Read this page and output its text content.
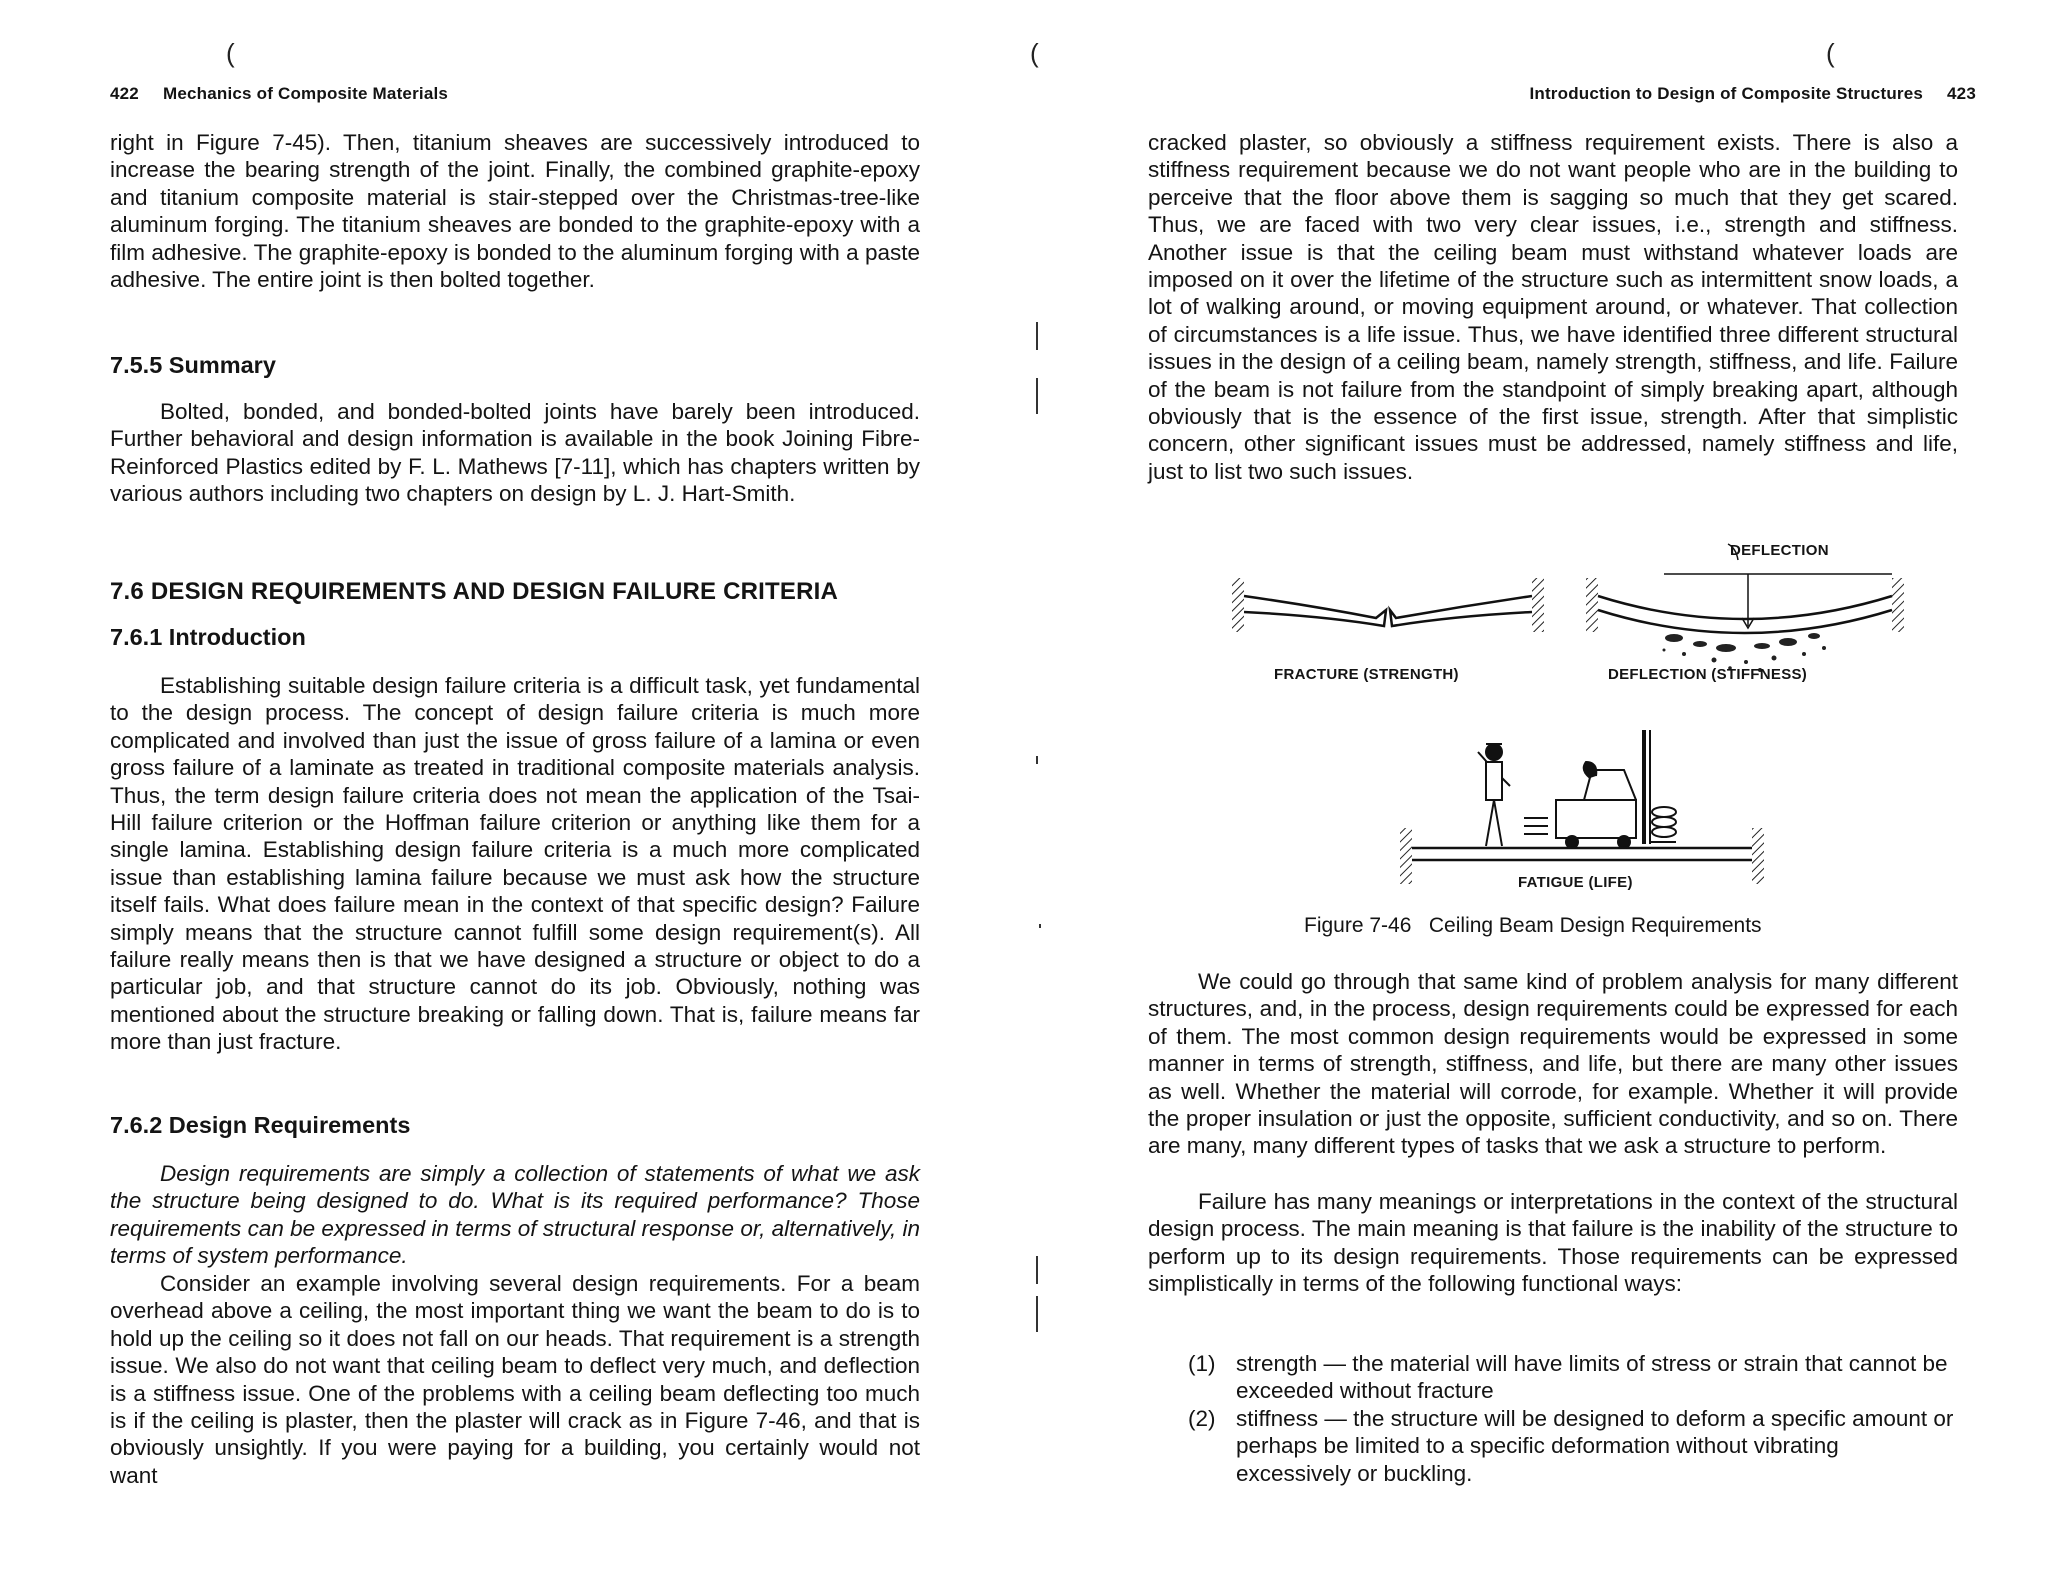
(
422 Mechanics of Composite Materials

right in Figure 7-45). Then, titanium sheaves are successively introduced to increase the bearing strength of the joint. Finally, the combined graphite-epoxy and titanium composite material is stair-stepped over the Christmas-tree-like aluminum forging. The titanium sheaves are bonded to the graphite-epoxy with a film adhesive. The graphite-epoxy is bonded to the aluminum forging with a paste adhesive. The entire joint is then bolted together.

7.5.5 Summary

Bolted, bonded, and bonded-bolted joints have barely been introduced. Further behavioral and design information is available in the book Joining Fibre-Reinforced Plastics edited by F. L. Mathews [7-11], which has chapters written by various authors including two chapters on design by L. J. Hart-Smith.

7.6 DESIGN REQUIREMENTS AND DESIGN FAILURE CRITERIA

7.6.1 Introduction

Establishing suitable design failure criteria is a difficult task, yet fundamental to the design process. The concept of design failure criteria is much more complicated and involved than just the issue of gross failure of a lamina or even gross failure of a laminate as treated in traditional composite materials analysis. Thus, the term design failure criteria does not mean the application of the Tsai-Hill failure criterion or the Hoffman failure criterion or anything like them for a single lamina. Establishing design failure criteria is a much more complicated issue than establishing lamina failure because we must ask how the structure itself fails. What does failure mean in the context of that specific design? Failure simply means that the structure cannot fulfill some design requirement(s). All failure really means then is that we have designed a structure or object to do a particular job, and that structure cannot do its job. Obviously, nothing was mentioned about the structure breaking or falling down. That is, failure means far more than just fracture.

7.6.2 Design Requirements

Design requirements are simply a collection of statements of what we ask the structure being designed to do. What is its required performance? Those requirements can be expressed in terms of structural response or, alternatively, in terms of system performance.

Consider an example involving several design requirements. For a beam overhead above a ceiling, the most important thing we want the beam to do is to hold up the ceiling so it does not fall on our heads. That requirement is a strength issue. We also do not want that ceiling beam to deflect very much, and deflection is a stiffness issue. One of the problems with a ceiling beam deflecting too much is if the ceiling is plaster, then the plaster will crack as in Figure 7-46, and that is obviously unsightly. If you were paying for a building, you certainly would not want

(	(
Introduction to Design of Composite Structures 423

cracked plaster, so obviously a stiffness requirement exists. There is also a stiffness requirement because we do not want people who are in the building to perceive that the floor above them is sagging so much that they get scared. Thus, we are faced with two very clear issues, i.e., strength and stiffness. Another issue is that the ceiling beam must withstand whatever loads are imposed on it over the lifetime of the structure such as intermittent snow loads, a lot of walking around, or moving equipment around, or whatever. That collection of circumstances is a life issue. Thus, we have identified three different structural issues in the design of a ceiling beam, namely strength, stiffness, and life. Failure of the beam is not failure from the standpoint of simply breaking apart, although obviously that is the essence of the first issue, strength. After that simplistic concern, other significant issues must be addressed, namely stiffness and life, just to list two such issues.

We could go through that same kind of problem analysis for many different structures, and, in the process, design requirements could be expressed for each of them. The most common design requirements would be expressed in some manner in terms of strength, stiffness, and life, but there are many other issues as well. Whether the material will corrode, for example. Whether it will provide the proper insulation or just the opposite, sufficient conductivity, and so on. There are many, many different types of tasks that we ask a structure to perform.

Failure has many meanings or interpretations in the context of the structural design process. The main meaning is that failure is the inability of the structure to perform up to its design requirements. Those requirements can be expressed simplistically in terms of the following functional ways:

(1) strength — the material will have limits of stress or strain that cannot be exceeded without fracture
(2) stiffness — the structure will be designed to deform a specific amount or perhaps be limited to a specific deformation without vibrating excessively or buckling.
DEFLECTION
FRACTURE (STRENGTH)	DEFLECTION (STIFFNESS)
FATIGUE (LIFE)
Figure 7-46   Ceiling Beam Design Requirements
